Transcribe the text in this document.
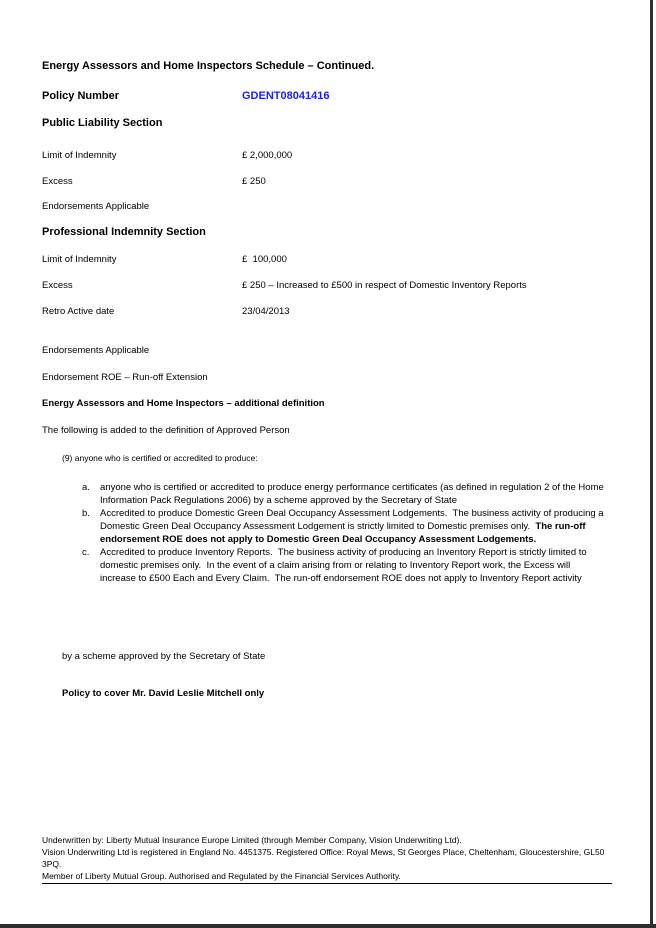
Energy Assessors and Home Inspectors Schedule – Continued.
Policy Number	GDENT08041416
Public Liability Section
Limit of Indemnity	£ 2,000,000
Excess	£ 250
Endorsements Applicable
Professional Indemnity Section
Limit of Indemnity	£  100,000
Excess	£ 250 – Increased to £500 in respect of Domestic Inventory Reports
Retro Active date	23/04/2013
Endorsements Applicable
Endorsement ROE – Run-off Extension
Energy Assessors and Home Inspectors – additional definition
The following is added to the definition of Approved Person
(9) anyone who is certified or accredited to produce:
a.	anyone who is certified or accredited to produce energy performance certificates (as defined in regulation 2 of the Home Information Pack Regulations 2006) by a scheme approved by the Secretary of State
b.	Accredited to produce Domestic Green Deal Occupancy Assessment Lodgements.  The business activity of producing a Domestic Green Deal Occupancy Assessment Lodgement is strictly limited to Domestic premises only.  The run-off endorsement ROE does not apply to Domestic Green Deal Occupancy Assessment Lodgements.
c.	Accredited to produce Inventory Reports.  The business activity of producing an Inventory Report is strictly limited to domestic premises only.  In the event of a claim arising from or relating to Inventory Report work, the Excess will increase to £500 Each and Every Claim.  The run-off endorsement ROE does not apply to Inventory Report activity
by a scheme approved by the Secretary of State
Policy to cover Mr. David Leslie Mitchell only
Underwritten by: Liberty Mutual Insurance Europe Limited (through Member Company, Vision Underwriting Ltd).
Vision Underwriting Ltd is registered in England No. 4451375. Registered Office: Royal Mews, St Georges Place, Cheltenham, Gloucestershire, GL50 3PQ.
Member of Liberty Mutual Group. Authorised and Regulated by the Financial Services Authority.
